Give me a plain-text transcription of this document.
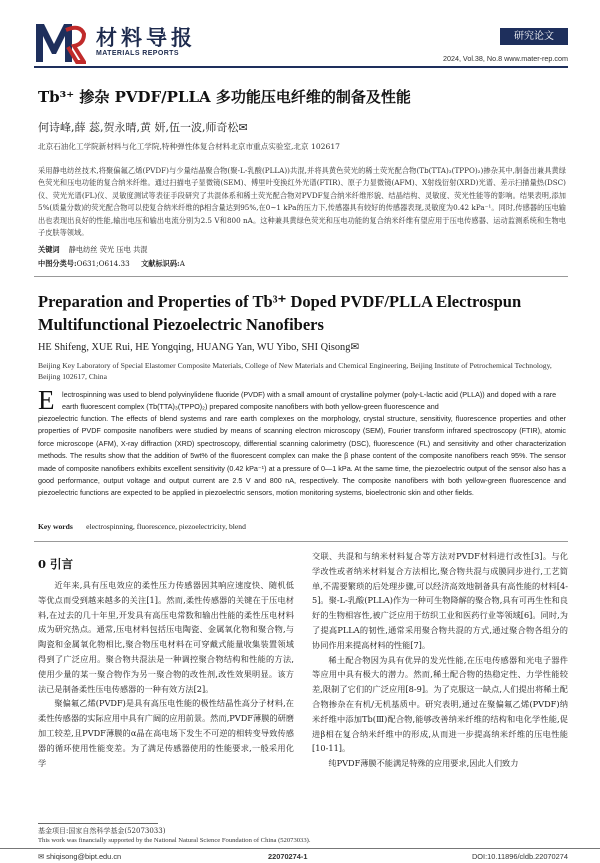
材料导报
MATERIALS REPORTS
研究论文
2024, Vol.38, No.8 www.mater-rep.com
Tb³⁺ 掺杂 PVDF/PLLA 多功能压电纤维的制备及性能
何诗峰,薛 蕊,贺永晴,黄 妍,伍一波,师奇松✉
北京石油化工学院新材料与化工学院,特种弹性体复合材料北京市重点实验室,北京 102617
采用静电纺丝技术,将聚偏氟乙烯(PVDF)与少量结晶聚合物(聚-L-乳酸(PLLA))共混,并将具黄色荧光的稀土荧光配合物(Tb(TTA)₃(TPPO)₂)掺杂其中,制备出兼具黄绿色荧光和压电功能的复合纳米纤维。通过扫描电子显微镜(SEM)、傅里叶变换红外光谱(FTIR)、原子力显微镜(AFM)、X射线衍射(XRD)光谱、差示扫描量热(DSC)仪、荧光光谱(FL)仪、灵敏度测试等表征手段研究了共混体系和稀土荧光配合物对PVDF复合纳米纤维形貌、结晶结构、灵敏度、荧光性能等的影响。结果表明,添加5%(质量分数)的荧光配合物可以使复合纳米纤维的β相含量达到95%,在0~1 kPa的压力下,传感器具有较好的传感器表现,灵敏度为0.42 kPa⁻¹。同时,传感器的压电输出也表现出良好的性能,输出电压和输出电流分别为2.5 V和800 nA。这种兼具黄绿色荧光和压电功能的复合纳米纤维有望应用于压电传感器、运动监测系统和生物电子皮肤等领域。
关键词 静电纺丝 荧光 压电 共混
中图分类号:O631;O614.33 文献标识码:A
Preparation and Properties of Tb³⁺ Doped PVDF/PLLA Electrospun Multifunctional Piezoelectric Nanofibers
HE Shifeng, XUE Rui, HE Yongqing, HUANG Yan, WU Yibo, SHI Qisong✉
Beijing Key Laboratory of Special Elastomer Composite Materials, College of New Materials and Chemical Engineering, Beijing Institute of Petrochemical Technology, Beijing 102617, China
E lectrospinning was used to blend polyvinylidene fluoride (PVDF) with a small amount of crystalline polymer (poly-L-lactic acid (PLLA)) and doped with a rare earth fluorescent complex (Tb(TTA)₃(TPPO)₂) prepared composite nanofibers with both yellow-green fluorescence and
piezoelectric function. The effects of blend systems and rare earth complexes on the morphology, crystal structure, sensitivity, fluorescence properties and other properties of PVDF composite nanofibers were studied by means of scanning electron microscopy (SEM), Fourier transform infrared spectroscopy (FTIR), atomic force microscope (AFM), X-ray diffraction (XRD) spectroscopy, differential scanning calorimetry (DSC), fluorescence (FL) and sensitivity and other characterization methods. The results show that the addition of 5wt% of the fluorescent complex can make the β phase content of the composite nanofibers reach 95%. The sensor made of composite nanofibers exhibits excellent sensitivity (0.42 kPa⁻¹) at a pressure of 0—1 kPa. At the same time, the piezoelectric output of the sensor also has a good performance, output voltage and output current are 2.5 V and 800 nA, respectively. The composite nanofibers with both yellow-green fluorescence and piezoelectric functions are expected to be applied in piezoelectric sensors, motion monitoring systems, bioelectronic skin and other fields.
Key words electrospinning, fluorescence, piezoelectricity, blend
0 引言

近年来,具有压电效应的柔性压力传感器因其响应速度快、随机低等优点而受到越来越多的关注[1]。然而,柔性传感器的关键在于压电材料,在过去的几十年里,开发具有高压电常数和输出性能的柔性压电材料成为研究热点。通常,压电材料包括压电陶瓷、金属氧化物和聚合物,与陶瓷和金属氧化物相比,聚合物压电材料在可穿戴式能量收集装置领域得到了广泛应用。聚合物共混法是一种调控聚合物结构和性能的方法,使用少量的某一聚合物作为另一聚合物的改性剂,改性效果明显。该方法已是制备柔性压电传感器的一种有效方法[2]。

聚偏氟乙烯(PVDF)是具有高压电性能的极性结晶性高分子材料,在柔性传感器的实际应用中具有广阔的应用前景。然而,PVDF薄膜的研磨加工较差,且PVDF薄膜的α晶在高电场下发生不可逆的相转变导致传感器的循环使用性能变差。为了满足传感器使用的性能要求,一般采用化学

交联、共混和与纳米材料复合等方法对PVDF材料进行改性[3]。与化学改性或者纳米材料复合方法相比,聚合物共混与成膜同步进行,工艺简单,不需要繁琐的后处理步骤,可以经济高效地制备具有高性能的材料[4-5]。聚-L-乳酸(PLLA)作为一种可生物降解的聚合物,具有可再生性和良好的生物相容性,被广泛应用于纺织工业和医药行业等领域[6]。同时,为了提高PLLA的韧性,通常采用聚合物共混的方式,通过聚合物各组分的协同作用来提高材料的性能[7]。

稀土配合物因为具有优异的发光性能,在压电传感器和光电子器件等应用中具有极大的潜力。然而,稀土配合物的热稳定性、力学性能较差,限制了它们的广泛应用[8-9]。为了克服这一缺点,人们提出将稀土配合物掺杂在有机/无机基质中。研究表明,通过在聚偏氟乙烯(PVDF)纳米纤维中添加Tb(Ⅲ)配合物,能够改善纳米纤维的结构和电化学性能,促进β相在复合纳米纤维中的形成,从而进一步提高纳米纤维的压电性能[10-11]。

纯PVDF薄膜不能满足特殊的应用要求,因此人们致力

基金项目:国家自然科学基金(52073033)
This work was financially supported by the National Natural Science Foundation of China (52073033).
✉ shiqisong@bipt.edu.cn	22070274-1	DOI:10.11896/cldb.22070274
